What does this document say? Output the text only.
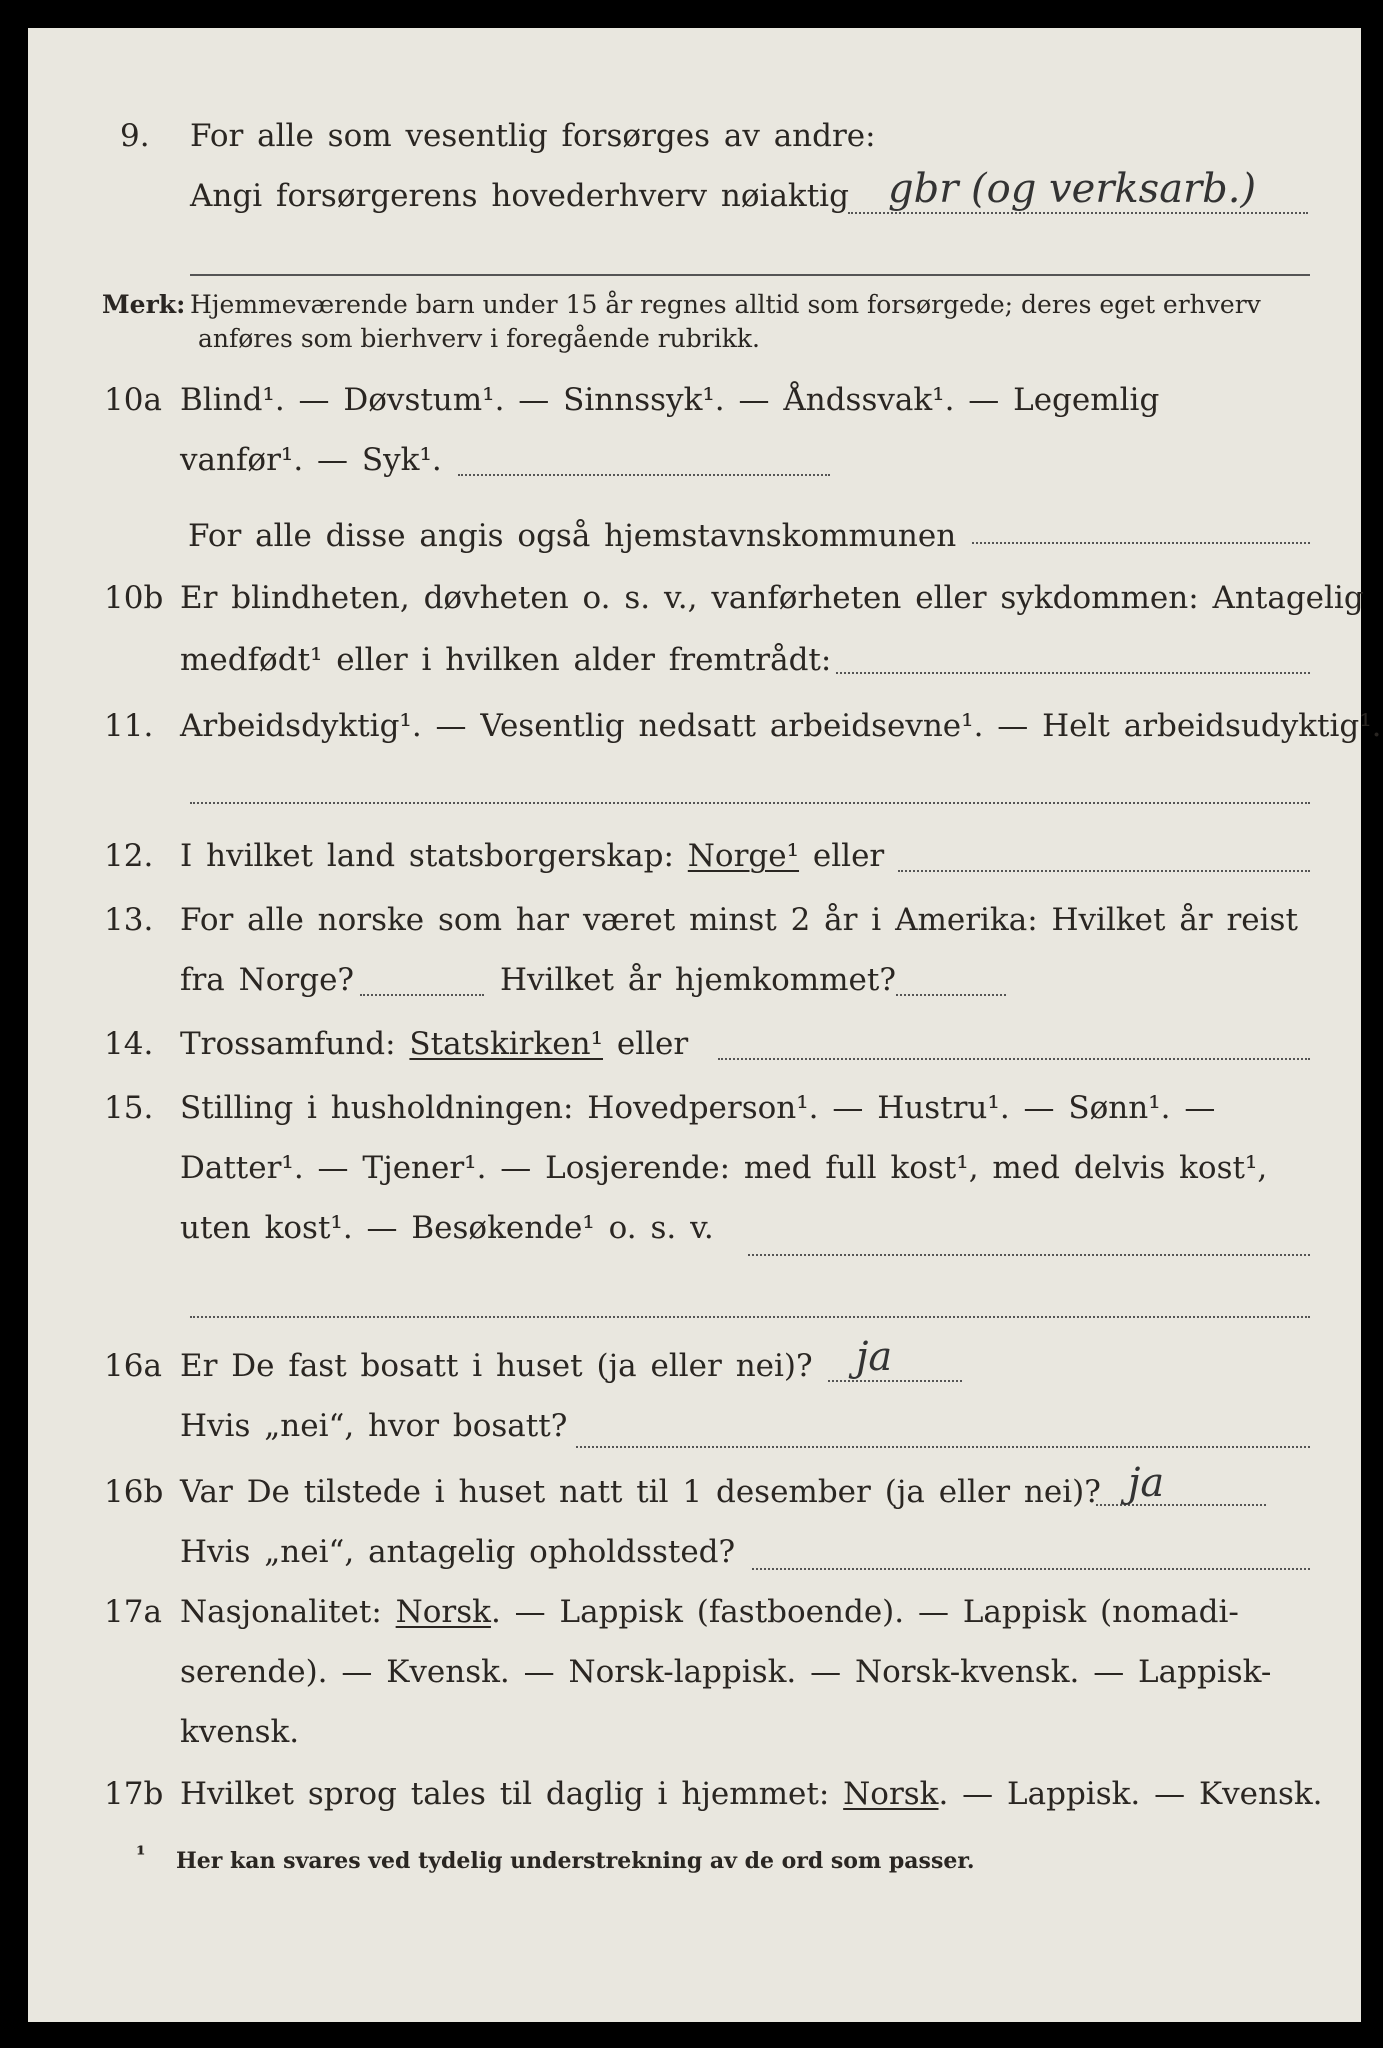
9. For alle som vesentlig forsørges av andre:
Angi forsørgerens hovederhverv nøiaktig gbr (og verksarb.)
Merk: Hjemmeværende barn under 15 år regnes alltid som forsørgede; deres eget erhverv
anføres som bierhverv i foregående rubrikk.
10a Blind¹. — Døvstum¹. — Sinnssyk¹. — Åndssvak¹. — Legemlig
vanfør¹. — Syk¹.
For alle disse angis også hjemstavnskommunen
10b Er blindheten, døvheten o. s. v., vanførheten eller sykdommen: Antagelig
medfødt¹ eller i hvilken alder fremtrådt:
11. Arbeidsdyktig¹. — Vesentlig nedsatt arbeidsevne¹. — Helt arbeidsudyktig¹.
12. I hvilket land statsborgerskap: Norge¹ eller
13. For alle norske som har været minst 2 år i Amerika: Hvilket år reist
fra Norge?	Hvilket år hjemkommet?
14. Trossamfund: Statskirken¹ eller
15. Stilling i husholdningen: Hovedperson¹. — Hustru¹. — Sønn¹. —
Datter¹. — Tjener¹. — Losjerende: med full kost¹, med delvis kost¹,
uten kost¹. — Besøkende¹ o. s. v.
16a Er De fast bosatt i huset (ja eller nei)? ja
Hvis „nei“, hvor bosatt?
16b Var De tilstede i huset natt til 1 desember (ja eller nei)? ja
Hvis „nei“, antagelig opholdssted?
17a Nasjonalitet: Norsk. — Lappisk (fastboende). — Lappisk (nomadi-
serende). — Kvensk. — Norsk-lappisk. — Norsk-kvensk. — Lappisk-
kvensk.
17b Hvilket sprog tales til daglig i hjemmet: Norsk. — Lappisk. — Kvensk.
¹ Her kan svares ved tydelig understrekning av de ord som passer.
